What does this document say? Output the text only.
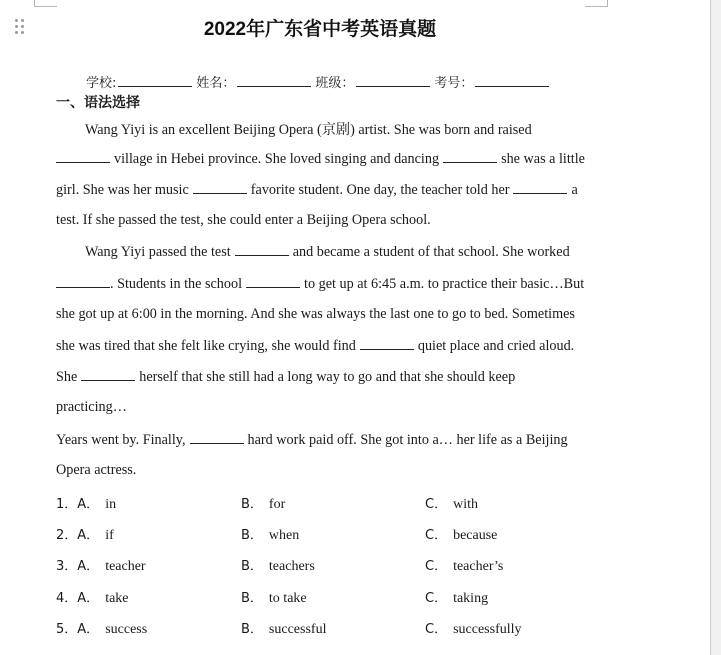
2022年广东省中考英语真题
学校:	姓名：	班级：	考号：
一、语法选择
Wang Yiyi is an excellent Beijing Opera (京剧) artist. She was born and raised
village in Hebei province. She loved singing and dancing	she was a little
girl. She was her music	favorite student. One day, the teacher told her	a
test. If she passed the test, she could enter a Beijing Opera school.
Wang Yiyi passed the test	and became a student of that school. She worked
. Students in the school	to get up at 6:45 a.m. to practice their basic…But
she got up at 6:00 in the morning. And she was always the last one to go to bed. Sometimes
she was tired that she felt like crying, she would find	quiet place and cried aloud.
She	herself that she still had a long way to go and that she should keep
practicing…
Years went by. Finally,	hard work paid off. She got into a… her life as a Beijing
Opera actress.
1．A． in	B． for	C． with
2．A． if	B． when	C． because
3．A． teacher	B． teachers	C． teacher’s
4．A． take	B． to take	C． taking
5．A． success	B． successful	C． successfully
